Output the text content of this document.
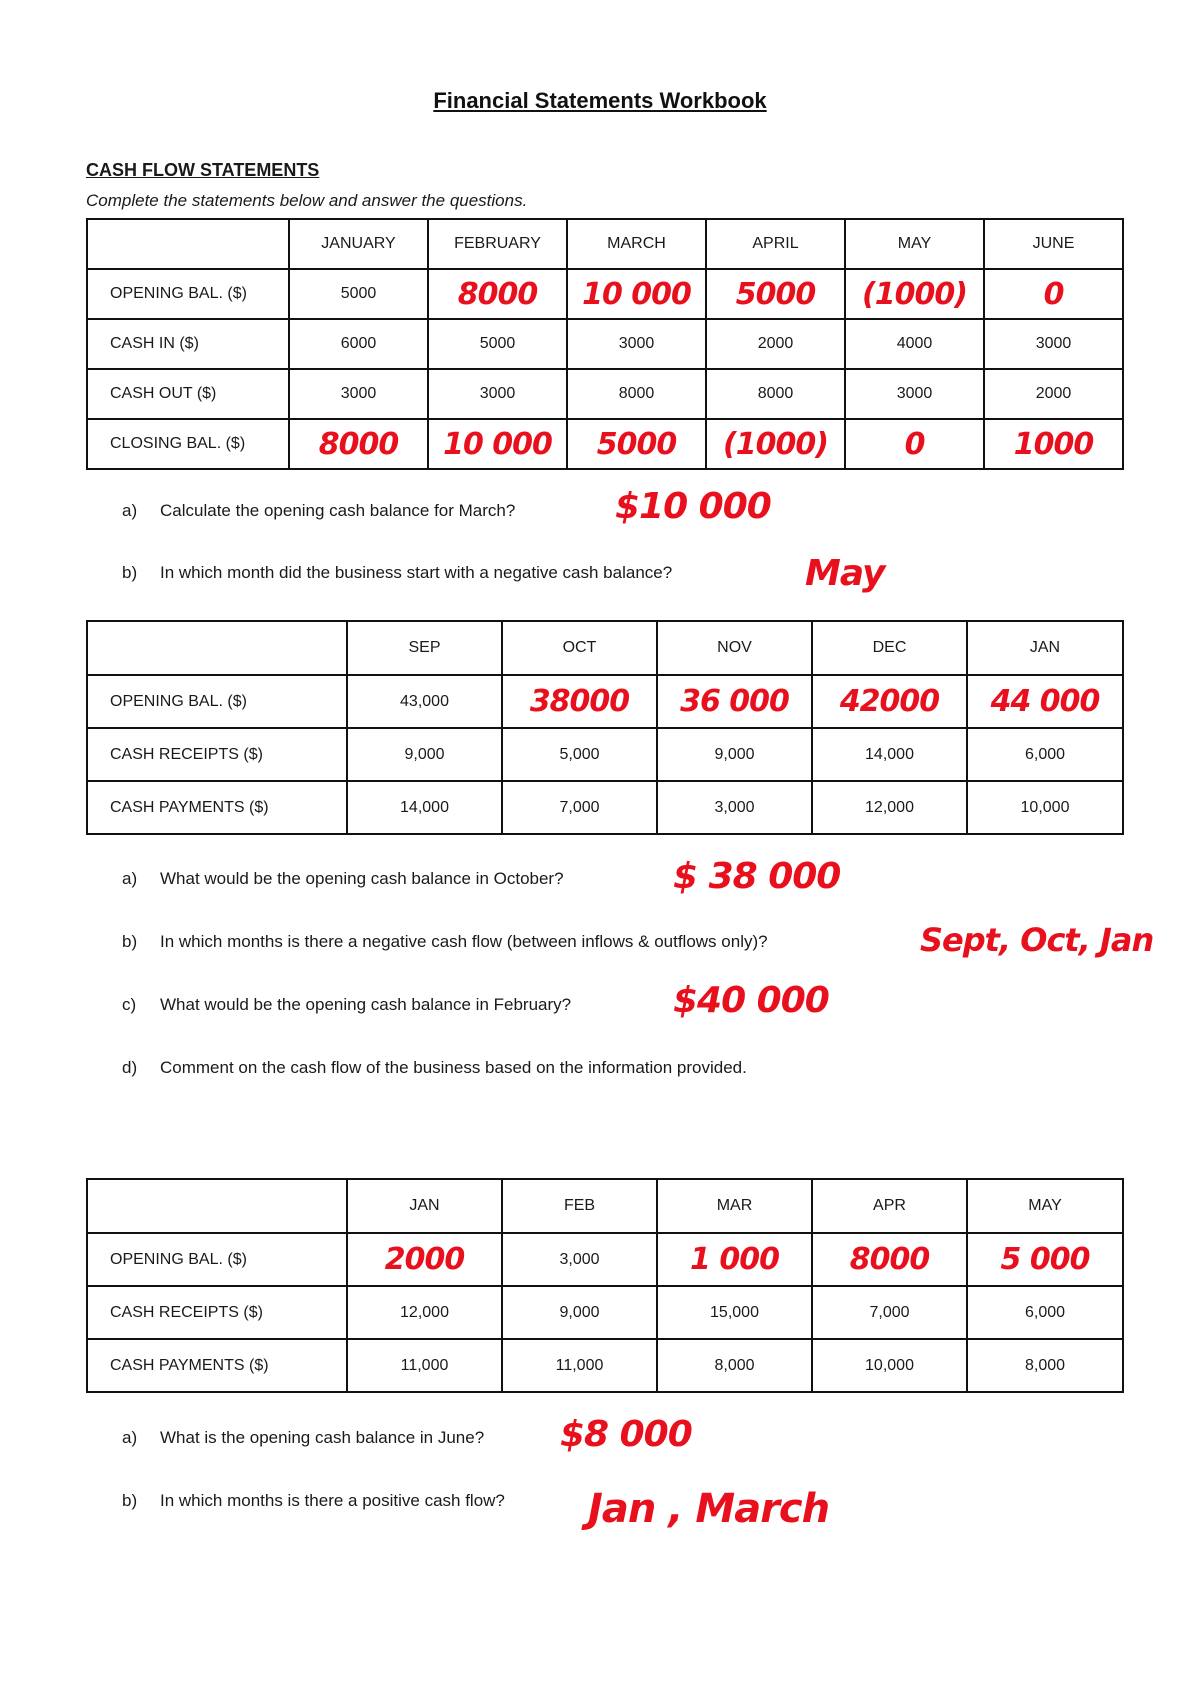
Financial Statements Workbook
CASH FLOW STATEMENTS
Complete the statements below and answer the questions.
	JANUARY	FEBRUARY	MARCH	APRIL	MAY	JUNE
OPENING BAL. ($)	5000	8000	10 000	5000	(1000)	0
CASH IN ($)	6000	5000	3000	2000	4000	3000
CASH OUT ($)	3000	3000	8000	8000	3000	2000
CLOSING BAL. ($)	8000	10 000	5000	(1000)	0	1000
a) Calculate the opening cash balance for March?	$10 000
b) In which month did the business start with a negative cash balance?	May
	SEP	OCT	NOV	DEC	JAN
OPENING BAL. ($)	43,000	38000	36 000	42000	44 000
CASH RECEIPTS ($)	9,000	5,000	9,000	14,000	6,000
CASH PAYMENTS ($)	14,000	7,000	3,000	12,000	10,000
a) What would be the opening cash balance in October?	$ 38 000
b) In which months is there a negative cash flow (between inflows & outflows only)?	Sept, Oct, Jan
c) What would be the opening cash balance in February?	$40 000
d) Comment on the cash flow of the business based on the information provided.
	JAN	FEB	MAR	APR	MAY
OPENING BAL. ($)	2000	3,000	1 000	8000	5 000
CASH RECEIPTS ($)	12,000	9,000	15,000	7,000	6,000
CASH PAYMENTS ($)	11,000	11,000	8,000	10,000	8,000
a) What is the opening cash balance in June? $8 000
b) In which months is there a positive cash flow? Jan , March
